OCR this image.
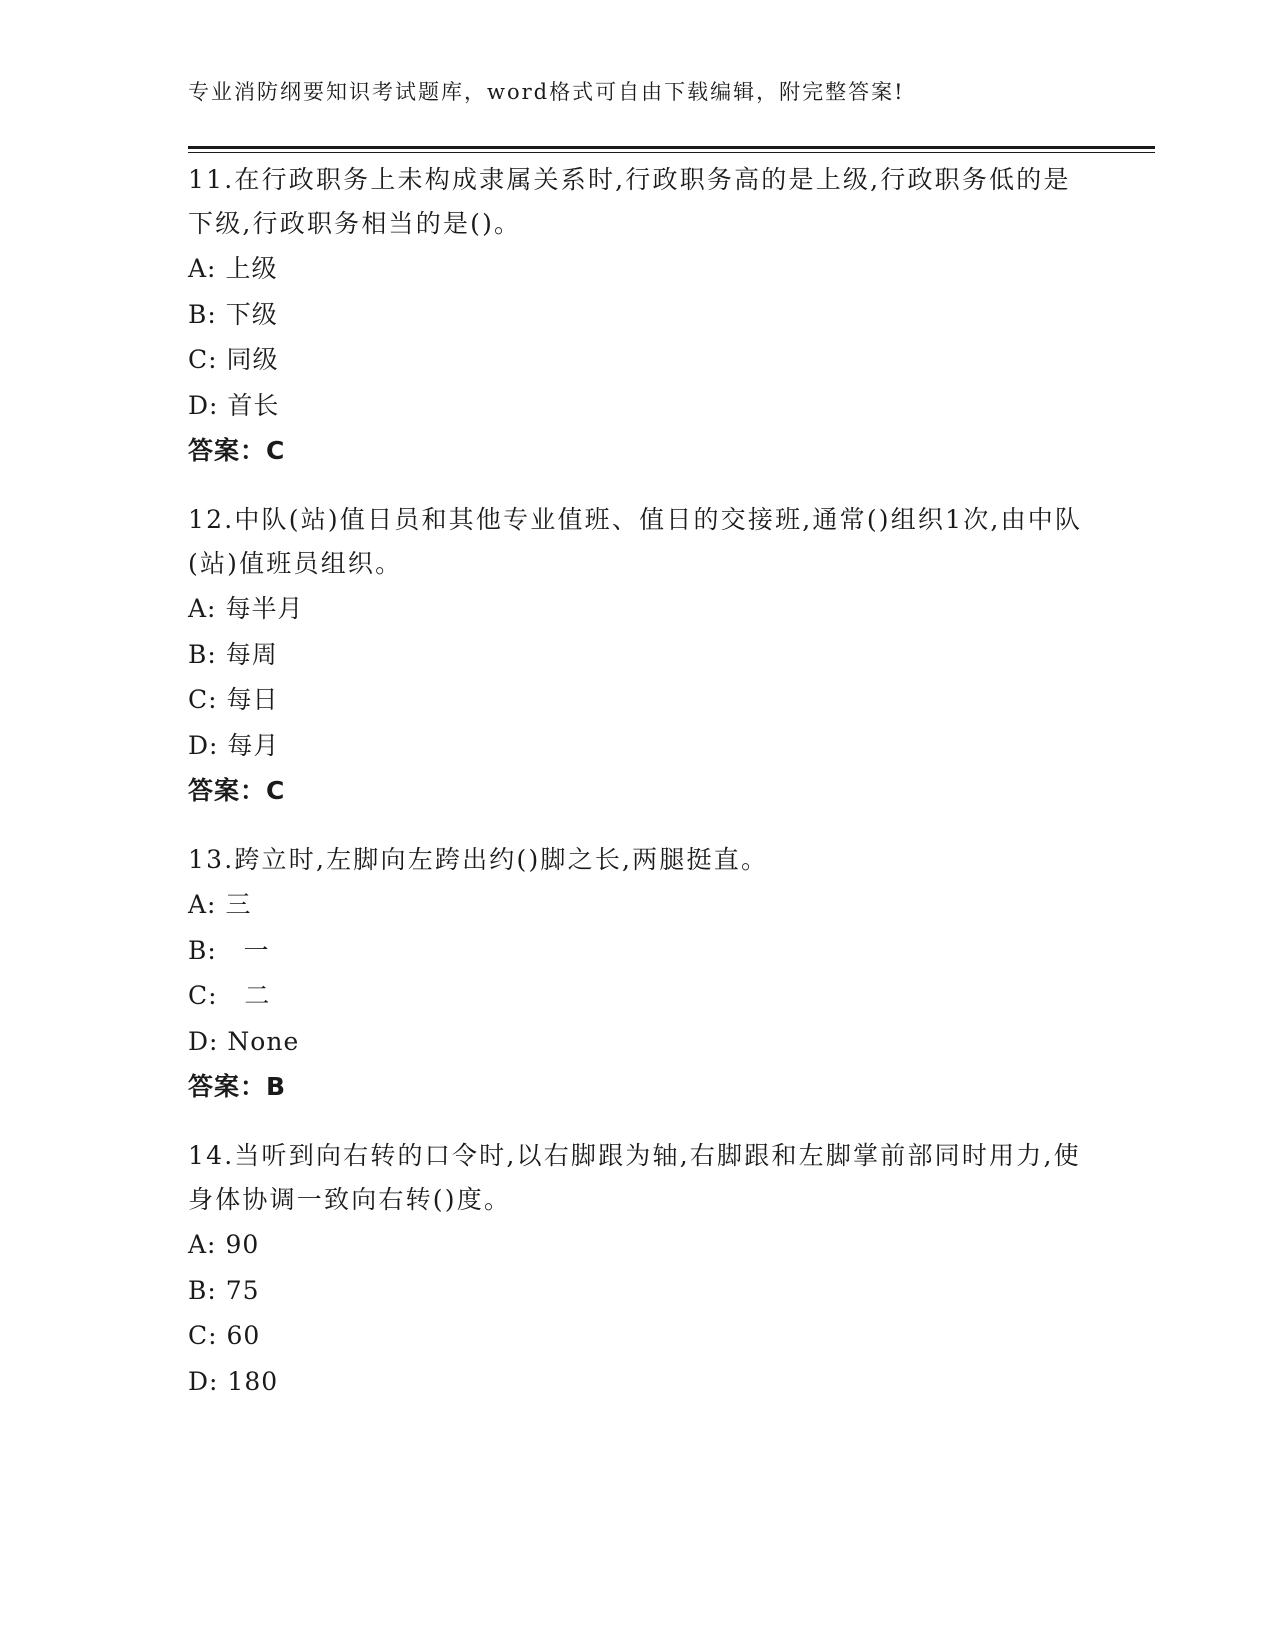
专业消防纲要知识考试题库，word格式可自由下载编辑，附完整答案!

11.在行政职务上未构成隶属关系时,行政职务高的是上级,行政职务低的是下级,行政职务相当的是()。

A: 上级
B: 下级
C: 同级
D: 首长
答案：C

12.中队(站)值日员和其他专业值班、值日的交接班,通常()组织1次,由中队(站)值班员组织。

A: 每半月
B: 每周
C: 每日
D: 每月
答案：C

13.跨立时,左脚向左跨出约()脚之长,两腿挺直。

A: 三
B:   一
C:   二
D: None
答案：B

14.当听到向右转的口令时,以右脚跟为轴,右脚跟和左脚掌前部同时用力,使身体协调一致向右转()度。

A: 90
B: 75
C: 60
D: 180
